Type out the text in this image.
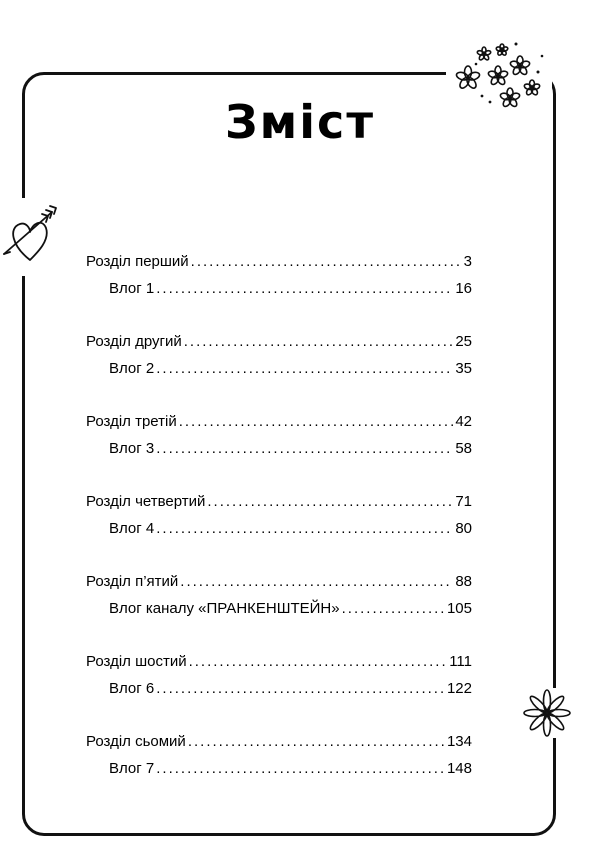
Зміст
Розділ перший .....	3
Влог 1 .....	16
Розділ другий .....	25
Влог 2 .....	35
Розділ третій .....	42
Влог 3 .....	58
Розділ четвертий .....	71
Влог 4 .....	80
Розділ п’ятий .....	88
Влог каналу «ПРАНКЕНШТЕЙН» .....	105
Розділ шостий .....	111
Влог 6 .....	122
Розділ сьомий .....	134
Влог 7 .....	148
